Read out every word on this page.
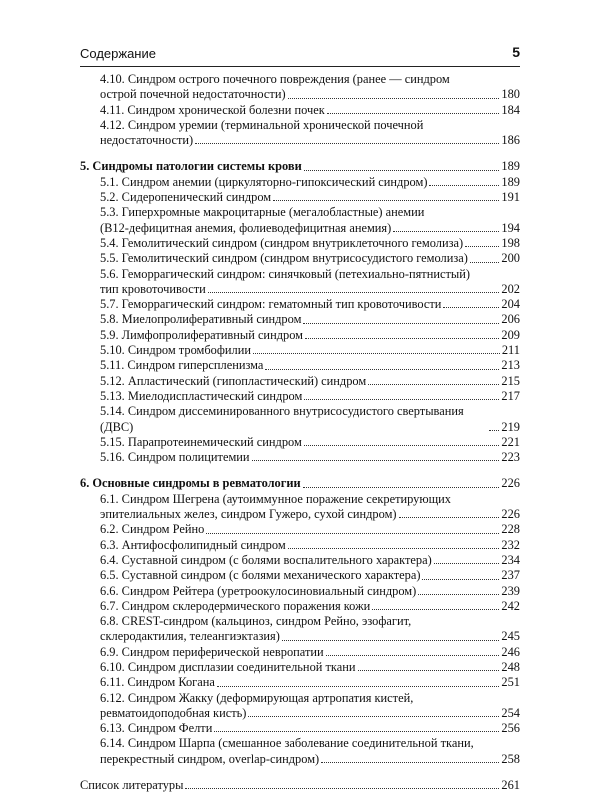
Содержание	5
4.10. Синдром острого почечного повреждения (ранее — синдром
острой почечной недостаточности)	180
4.11. Синдром хронической болезни почек	184
4.12. Синдром уремии (терминальной хронической почечной
недостаточности)	186
5. Синдромы патологии системы крови	189
5.1. Синдром анемии (циркуляторно-гипоксический синдром)	189
5.2. Сидеропенический синдром	191
5.3. Гиперхромные макроцитарные (мегалобластные) анемии
(B12-дефицитная анемия, фолиеводефицитная анемия)	194
5.4. Гемолитический синдром (синдром внутриклеточного гемолиза)	198
5.5. Гемолитический синдром (синдром внутрисосудистого гемолиза)	200
5.6. Геморрагический синдром: синячковый (петехиально-пятнистый)
тип кровоточивости	202
5.7. Геморрагический синдром: гематомный тип кровоточивости	204
5.8. Миелопролиферативный синдром	206
5.9. Лимфопролиферативный синдром	209
5.10. Синдром тромбофилии	211
5.11. Синдром гиперспленизма	213
5.12. Апластический (гипопластический) синдром	215
5.13. Миелодиспластический синдром	217
5.14. Синдром диссеминированного внутрисосудистого свертывания (ДВС)	219
5.15. Парапротеинемический синдром	221
5.16. Синдром полицитемии	223
6. Основные синдромы в ревматологии	226
6.1. Синдром Шегрена (аутоиммунное поражение секретирующих
эпителиальных желез, синдром Гужеро, сухой синдром)	226
6.2. Синдром Рейно	228
6.3. Антифосфолипидный синдром	232
6.4. Суставной синдром (с болями воспалительного характера)	234
6.5. Суставной синдром (с болями механического характера)	237
6.6. Синдром Рейтера (уретроокулосиновиальный синдром)	239
6.7. Синдром склеродермического поражения кожи	242
6.8. CREST-синдром (кальциноз, синдром Рейно, эзофагит,
склеродактилия, телеангиэктазия)	245
6.9. Синдром периферической невропатии	246
6.10. Синдром дисплазии соединительной ткани	248
6.11. Синдром Когана	251
6.12. Синдром Жакку (деформирующая артропатия кистей,
ревматоидоподобная кисть)	254
6.13. Синдром Фелти	256
6.14. Синдром Шарпа (смешанное заболевание соединительной ткани,
перекрестный синдром, overlap-синдром)	258
Список литературы	261
